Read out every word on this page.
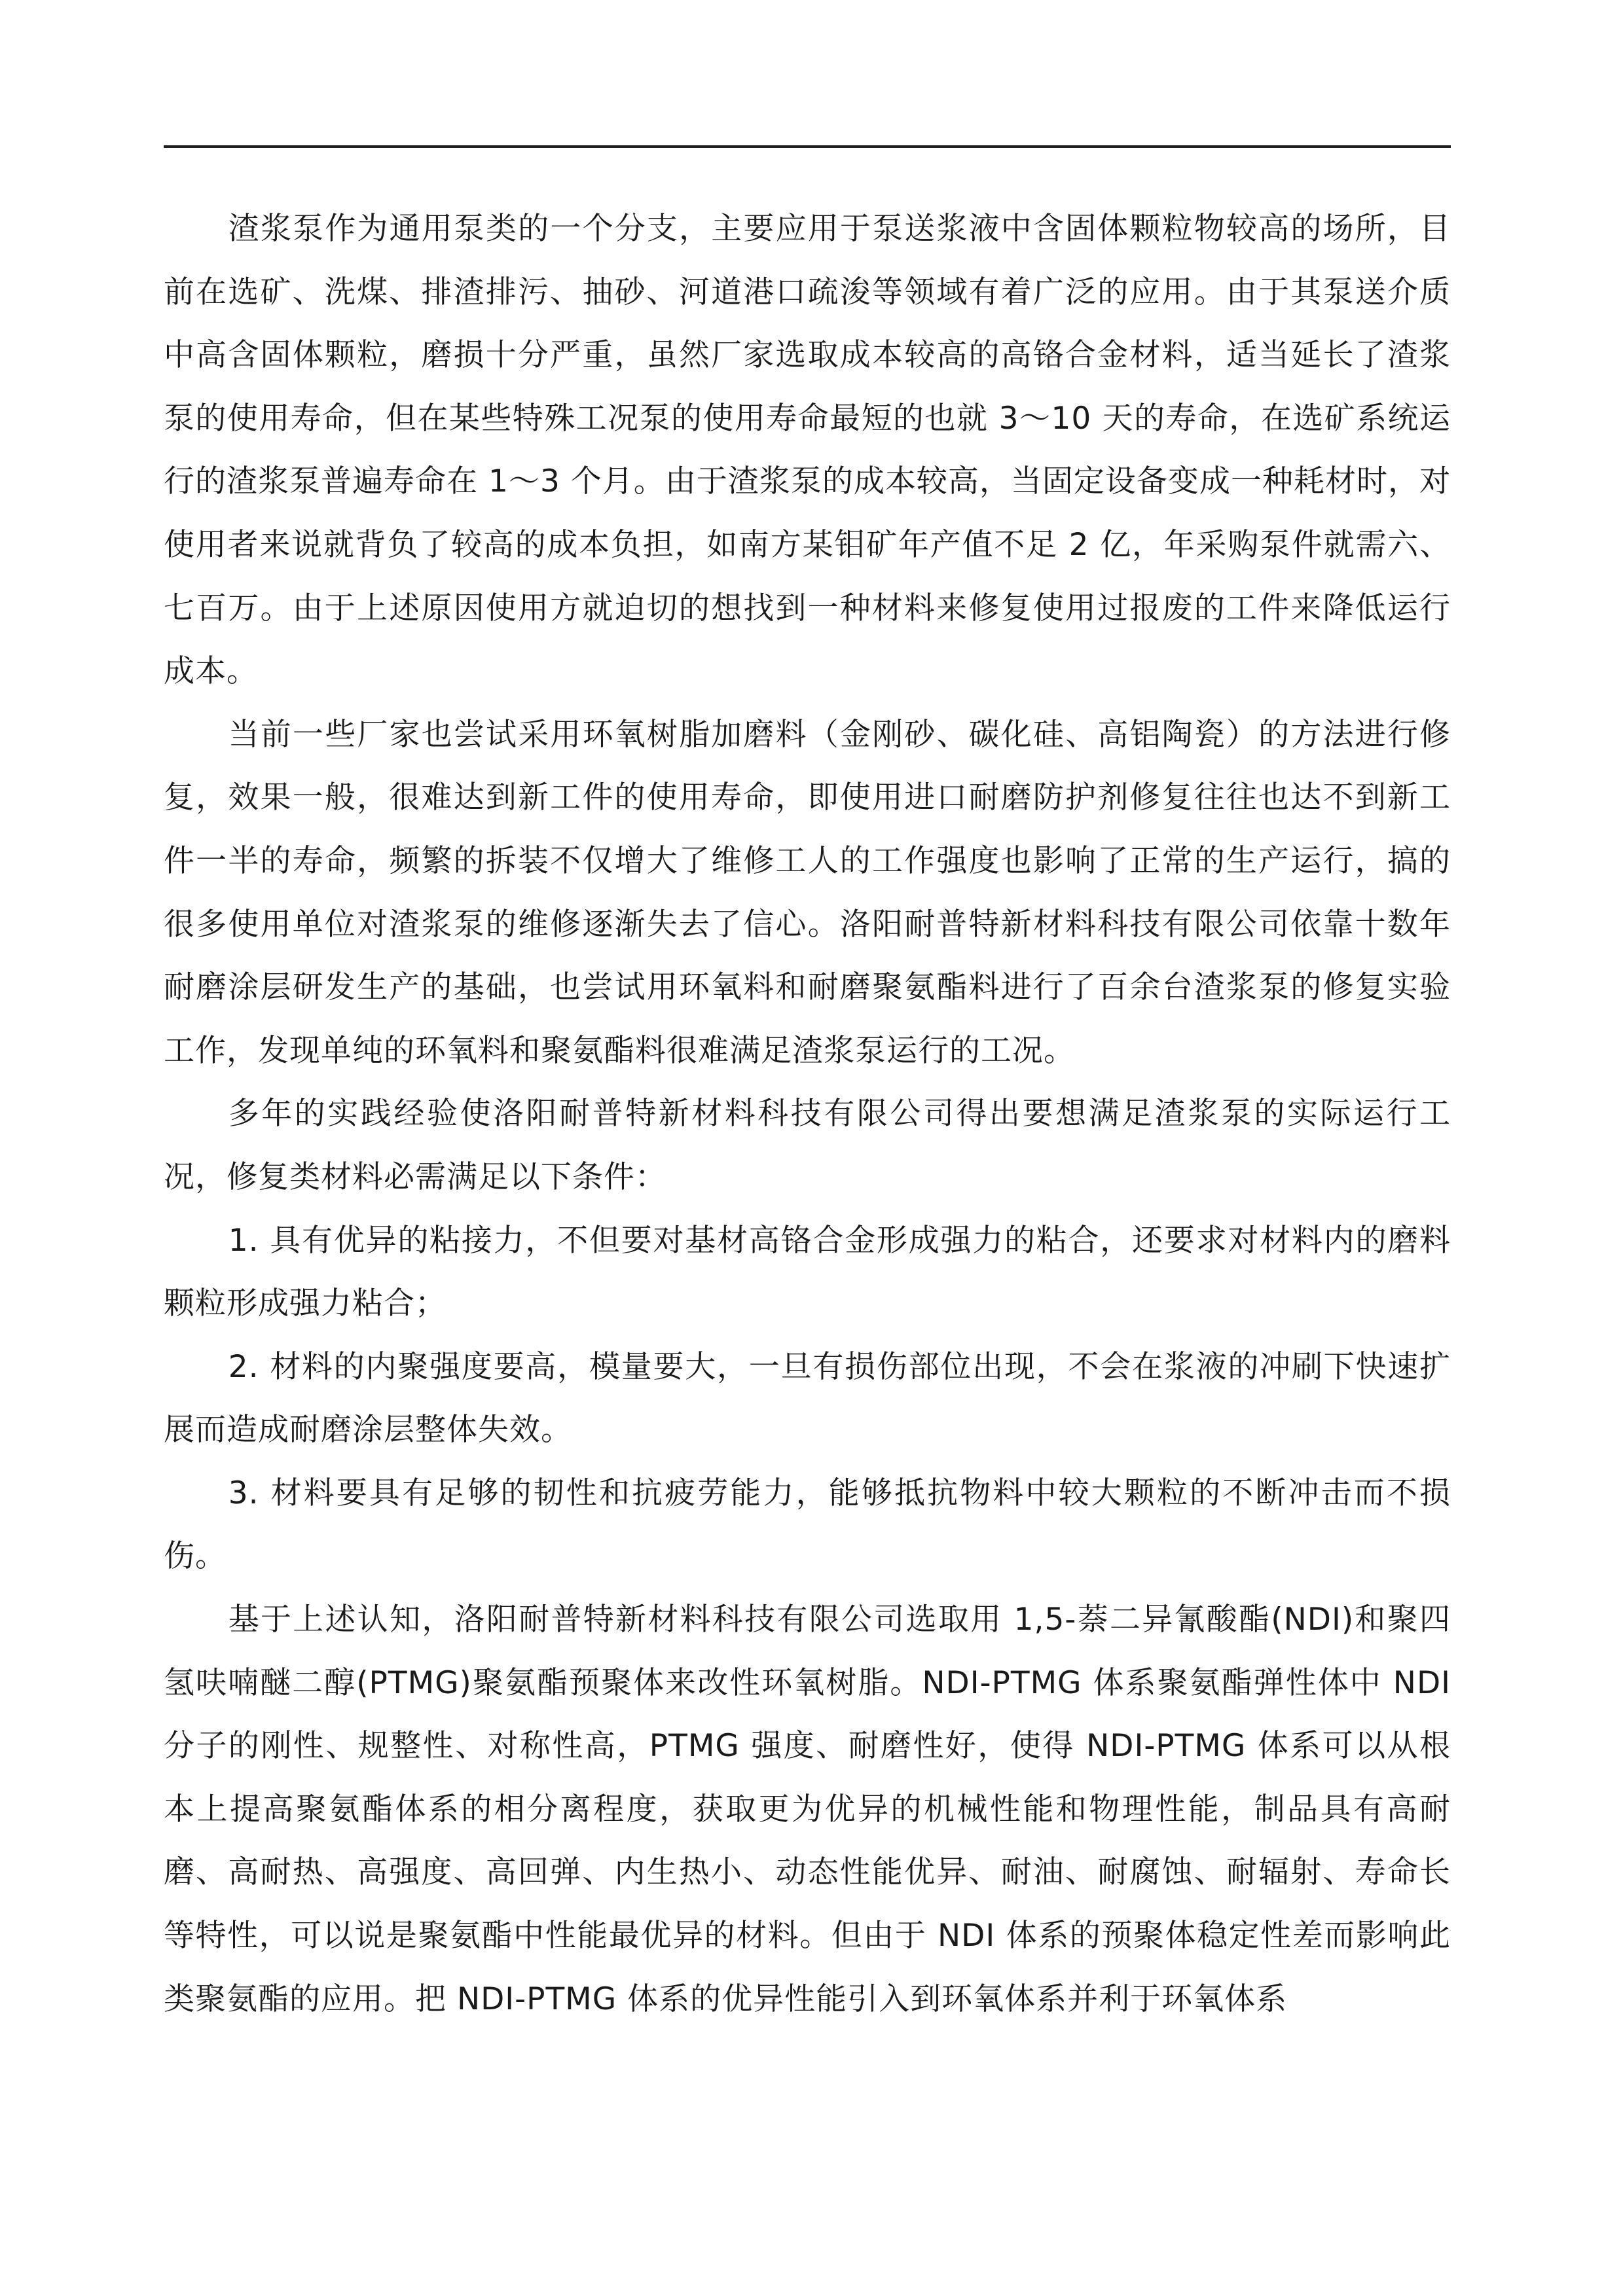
渣浆泵作为通用泵类的一个分支，主要应用于泵送浆液中含固体颗粒物较高的场所，目前在选矿、洗煤、排渣排污、抽砂、河道港口疏浚等领域有着广泛的应用。由于其泵送介质中高含固体颗粒，磨损十分严重，虽然厂家选取成本较高的高铬合金材料，适当延长了渣浆泵的使用寿命，但在某些特殊工况泵的使用寿命最短的也就 3～10 天的寿命，在选矿系统运行的渣浆泵普遍寿命在 1～3 个月。由于渣浆泵的成本较高，当固定设备变成一种耗材时，对使用者来说就背负了较高的成本负担，如南方某钼矿年产值不足 2 亿，年采购泵件就需六、七百万。由于上述原因使用方就迫切的想找到一种材料来修复使用过报废的工件来降低运行成本。

当前一些厂家也尝试采用环氧树脂加磨料（金刚砂、碳化硅、高铝陶瓷）的方法进行修复，效果一般，很难达到新工件的使用寿命，即使用进口耐磨防护剂修复往往也达不到新工件一半的寿命，频繁的拆装不仅增大了维修工人的工作强度也影响了正常的生产运行，搞的很多使用单位对渣浆泵的维修逐渐失去了信心。洛阳耐普特新材料科技有限公司依靠十数年耐磨涂层研发生产的基础，也尝试用环氧料和耐磨聚氨酯料进行了百余台渣浆泵的修复实验工作，发现单纯的环氧料和聚氨酯料很难满足渣浆泵运行的工况。

多年的实践经验使洛阳耐普特新材料科技有限公司得出要想满足渣浆泵的实际运行工况，修复类材料必需满足以下条件：

1. 具有优异的粘接力，不但要对基材高铬合金形成强力的粘合，还要求对材料内的磨料颗粒形成强力粘合；

2. 材料的内聚强度要高，模量要大，一旦有损伤部位出现，不会在浆液的冲刷下快速扩展而造成耐磨涂层整体失效。

3. 材料要具有足够的韧性和抗疲劳能力，能够抵抗物料中较大颗粒的不断冲击而不损伤。

基于上述认知，洛阳耐普特新材料科技有限公司选取用 1,5-萘二异氰酸酯(NDI)和聚四氢呋喃醚二醇(PTMG)聚氨酯预聚体来改性环氧树脂。NDI-PTMG 体系聚氨酯弹性体中 NDI 分子的刚性、规整性、对称性高，PTMG 强度、耐磨性好，使得 NDI-PTMG 体系可以从根本上提高聚氨酯体系的相分离程度，获取更为优异的机械性能和物理性能，制品具有高耐磨、高耐热、高强度、高回弹、内生热小、动态性能优异、耐油、耐腐蚀、耐辐射、寿命长等特性，可以说是聚氨酯中性能最优异的材料。但由于 NDI 体系的预聚体稳定性差而影响此类聚氨酯的应用。把 NDI-PTMG 体系的优异性能引入到环氧体系并利于环氧体系
